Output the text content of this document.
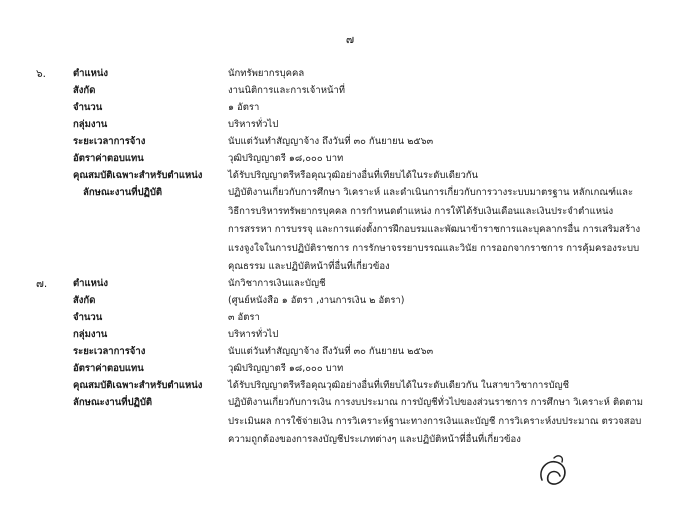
๗
๖.	ตำแหน่ง	นักทรัพยากรบุคคล
สังกัด	งานนิติการและการเจ้าหน้าที่
จำนวน	๑ อัตรา
กลุ่มงาน	บริหารทั่วไป
ระยะเวลาการจ้าง	นับแต่วันทำสัญญาจ้าง ถึงวันที่ ๓๐ กันยายน ๒๕๖๓
อัตราค่าตอบแทน	วุฒิปริญญาตรี ๑๘,๐๐๐ บาท
คุณสมบัติเฉพาะสำหรับตำแหน่ง	ได้รับปริญญาตรีหรือคุณวุฒิอย่างอื่นที่เทียบได้ในระดับเดียวกัน
ลักษณะงานที่ปฏิบัติ	ปฏิบัติงานเกี่ยวกับการศึกษา วิเคราะห์ และดำเนินการเกี่ยวกับการวางระบบมาตรฐาน หลักเกณฑ์และ
วิธีการบริหารทรัพยากรบุคคล การกำหนดตำแหน่ง การให้ได้รับเงินเดือนและเงินประจำตำแหน่ง
การสรรหา การบรรจุ และการแต่งตั้งการฝึกอบรมและพัฒนาข้าราชการและบุคลากรอื่น การเสริมสร้าง
แรงจูงใจในการปฏิบัติราชการ การรักษาจรรยาบรรณและวินัย การออกจากราชการ การคุ้มครองระบบ
คุณธรรม และปฏิบัติหน้าที่อื่นที่เกี่ยวข้อง
๗.	ตำแหน่ง	นักวิชาการเงินและบัญชี
สังกัด	(ศูนย์หนังสือ ๑ อัตรา ,งานการเงิน ๒ อัตรา)
จำนวน	๓ อัตรา
กลุ่มงาน	บริหารทั่วไป
ระยะเวลาการจ้าง	นับแต่วันทำสัญญาจ้าง ถึงวันที่ ๓๐ กันยายน ๒๕๖๓
อัตราค่าตอบแทน	วุฒิปริญญาตรี ๑๘,๐๐๐ บาท
คุณสมบัติเฉพาะสำหรับตำแหน่ง	ได้รับปริญญาตรีหรือคุณวุฒิอย่างอื่นที่เทียบได้ในระดับเดียวกัน ในสาขาวิชาการบัญชี
ลักษณะงานที่ปฏิบัติ	ปฏิบัติงานเกี่ยวกับการเงิน การงบประมาณ การบัญชีทั่วไปของส่วนราชการ การศึกษา วิเคราะห์ ติดตาม
ประเมินผล การใช้จ่ายเงิน การวิเคราะห์ฐานะทางการเงินและบัญชี การวิเคราะห์งบประมาณ ตรวจสอบ
ความถูกต้องของการลงบัญชีประเภทต่างๆ และปฏิบัติหน้าที่อื่นที่เกี่ยวข้อง
